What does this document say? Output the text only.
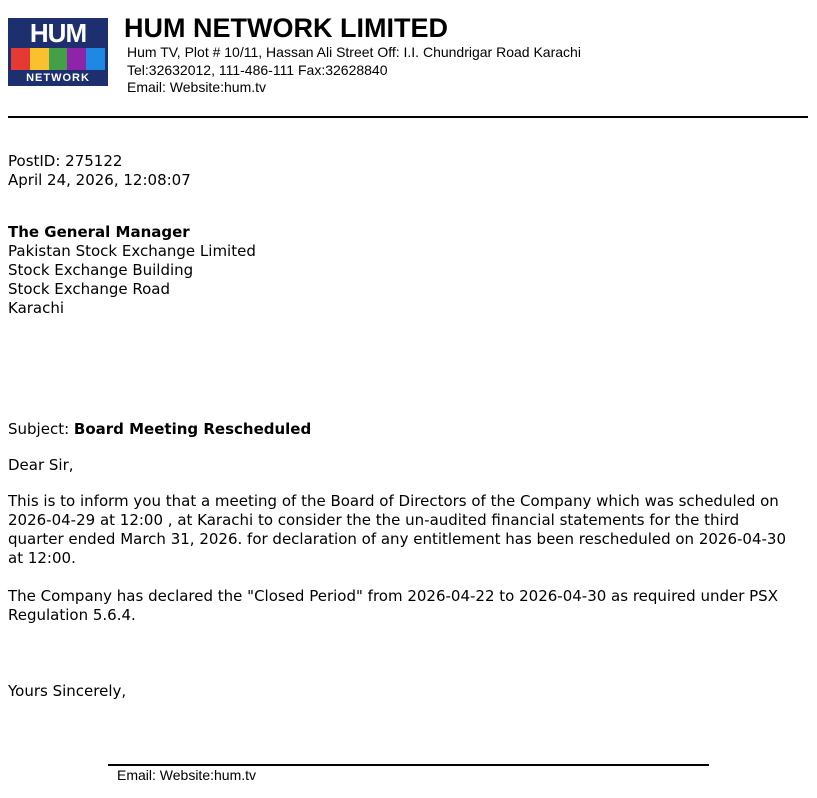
HUM
NETWORK
HUM NETWORK LIMITED
Hum TV, Plot # 10/11, Hassan Ali Street Off: I.I. Chundrigar Road Karachi
Tel:32632012, 111-486-111 Fax:32628840
Email: Website:hum.tv
PostID: 275122
April 24, 2026, 12:08:07
The General Manager
Pakistan Stock Exchange Limited
Stock Exchange Building
Stock Exchange Road
Karachi
Subject: Board Meeting Rescheduled
Dear Sir,
This is to inform you that a meeting of the Board of Directors of the Company which was scheduled on 2026-04-29 at 12:00 , at Karachi to consider the the un-audited financial statements for the third quarter ended March 31, 2026. for declaration of any entitlement has been rescheduled on 2026-04-30 at 12:00.
The Company has declared the "Closed Period" from 2026-04-22 to 2026-04-30 as required under PSX Regulation 5.6.4.
Yours Sincerely,
Email: Website:hum.tv
